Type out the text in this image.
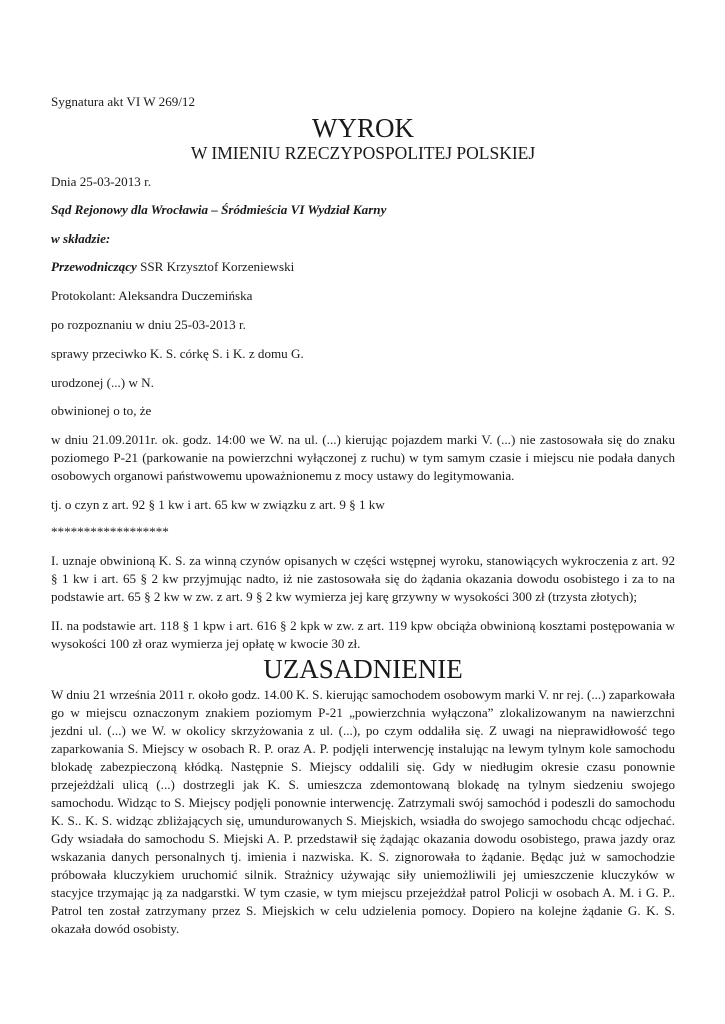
Sygnatura akt VI W 269/12

WYROK
W IMIENIU RZECZYPOSPOLITEJ POLSKIEJ

Dnia 25-03-2013 r.

Sąd Rejonowy dla Wrocławia – Śródmieścia VI Wydział Karny

w składzie:

Przewodniczący SSR Krzysztof Korzeniewski

Protokolant: Aleksandra Duczemińska

po rozpoznaniu w dniu 25-03-2013 r.

sprawy przeciwko K. S. córkę S. i K. z domu G.

urodzonej (...) w N.

obwinionej o to, że

w dniu 21.09.2011r. ok. godz. 14:00 we W. na ul. (...) kierując pojazdem marki V. (...) nie zastosowała się do znaku poziomego P-21 (parkowanie na powierzchni wyłączonej z ruchu) w tym samym czasie i miejscu nie podała danych osobowych organowi państwowemu upoważnionemu z mocy ustawy do legitymowania.

tj. o czyn z art. 92 § 1 kw i art. 65 kw w związku z art. 9 § 1 kw

******************

I. uznaje obwinioną K. S. za winną czynów opisanych w części wstępnej wyroku, stanowiących wykroczenia z art. 92 § 1 kw i art. 65 § 2 kw przyjmując nadto, iż nie zastosowała się do żądania okazania dowodu osobistego i za to na podstawie art. 65 § 2 kw w zw. z art. 9 § 2 kw wymierza jej karę grzywny w wysokości 300 zł (trzysta złotych);

II. na podstawie art. 118 § 1 kpw i art. 616 § 2 kpk w zw. z art. 119 kpw obciąża obwinioną kosztami postępowania w wysokości 100 zł oraz wymierza jej opłatę w kwocie 30 zł.

UZASADNIENIE

W dniu 21 września 2011 r. około godz. 14.00 K. S. kierując samochodem osobowym marki V. nr rej. (...) zaparkowała go w miejscu oznaczonym znakiem poziomym P-21 „powierzchnia wyłączona” zlokalizowanym na nawierzchni jezdni ul. (...) we W. w okolicy skrzyżowania z ul. (...), po czym oddaliła się. Z uwagi na nieprawidłowość tego zaparkowania S. Miejscy w osobach R. P. oraz A. P. podjęli interwencję instalując na lewym tylnym kole samochodu blokadę zabezpieczoną kłódką. Następnie S. Miejscy oddalili się. Gdy w niedługim okresie czasu ponownie przejeżdżali ulicą (...) dostrzegli jak K. S. umieszcza zdemontowaną blokadę na tylnym siedzeniu swojego samochodu. Widząc to S. Miejscy podjęli ponownie interwencję. Zatrzymali swój samochód i podeszli do samochodu K. S.. K. S. widząc zbliżających się, umundurowanych S. Miejskich, wsiadła do swojego samochodu chcąc odjechać. Gdy wsiadała do samochodu S. Miejski A. P. przedstawił się żądając okazania dowodu osobistego, prawa jazdy oraz wskazania danych personalnych tj. imienia i nazwiska. K. S. zignorowała to żądanie. Będąc już w samochodzie próbowała kluczykiem uruchomić silnik. Strażnicy używając siły uniemożliwili jej umieszczenie kluczyków w stacyjce trzymając ją za nadgarstki. W tym czasie, w tym miejscu przejeżdżał patrol Policji w osobach A. M. i G. P.. Patrol ten został zatrzymany przez S. Miejskich w celu udzielenia pomocy. Dopiero na kolejne żądanie G. K. S. okazała dowód osobisty.
